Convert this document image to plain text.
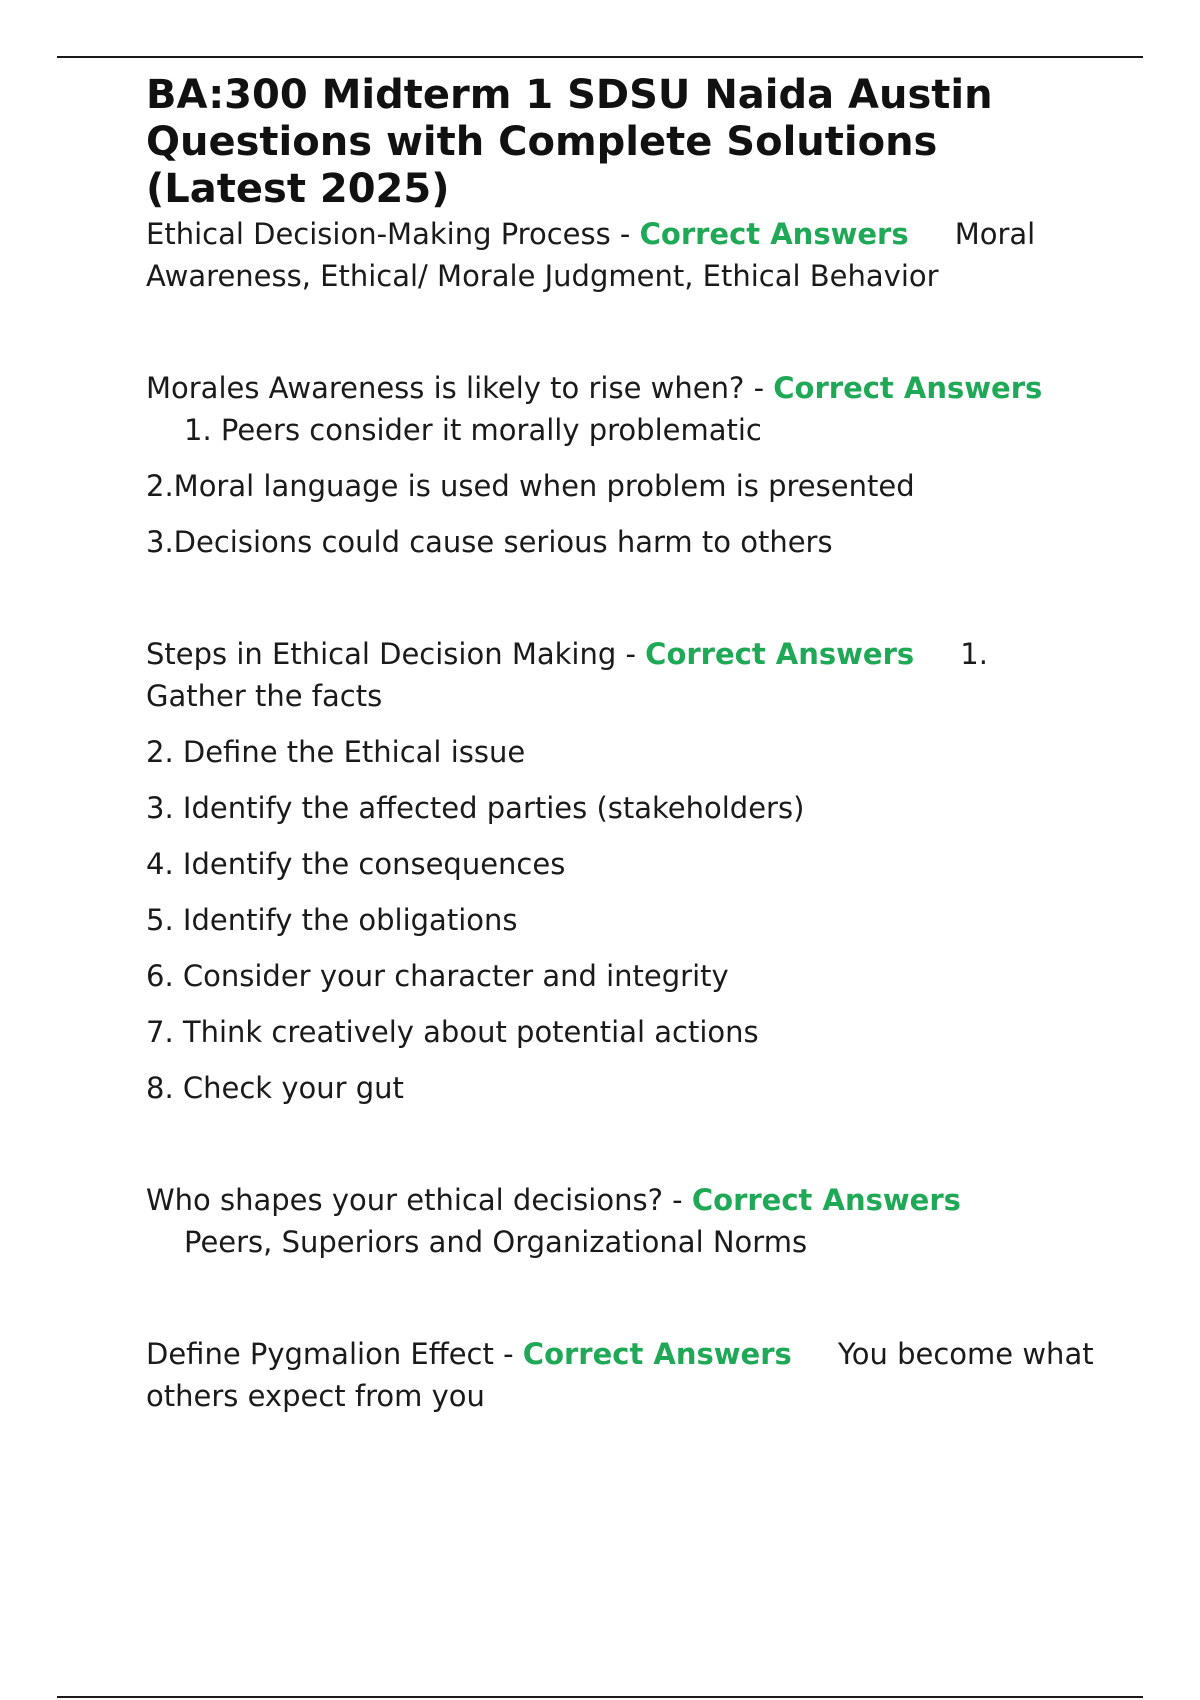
BA:300 Midterm 1 SDSU Naida Austin Questions with Complete Solutions (Latest 2025)

Ethical Decision-Making Process - Correct Answers Moral Awareness, Ethical/ Morale Judgment, Ethical Behavior

Morales Awareness is likely to rise when? - Correct Answers

1. Peers consider it morally problematic

2.Moral language is used when problem is presented

3.Decisions could cause serious harm to others

Steps in Ethical Decision Making - Correct Answers 1. Gather the facts

2. Define the Ethical issue

3. Identify the affected parties (stakeholders)

4. Identify the consequences

5. Identify the obligations

6. Consider your character and integrity

7. Think creatively about potential actions

8. Check your gut

Who shapes your ethical decisions? - Correct Answers

Peers, Superiors and Organizational Norms

Define Pygmalion Effect - Correct Answers You become what others expect from you
